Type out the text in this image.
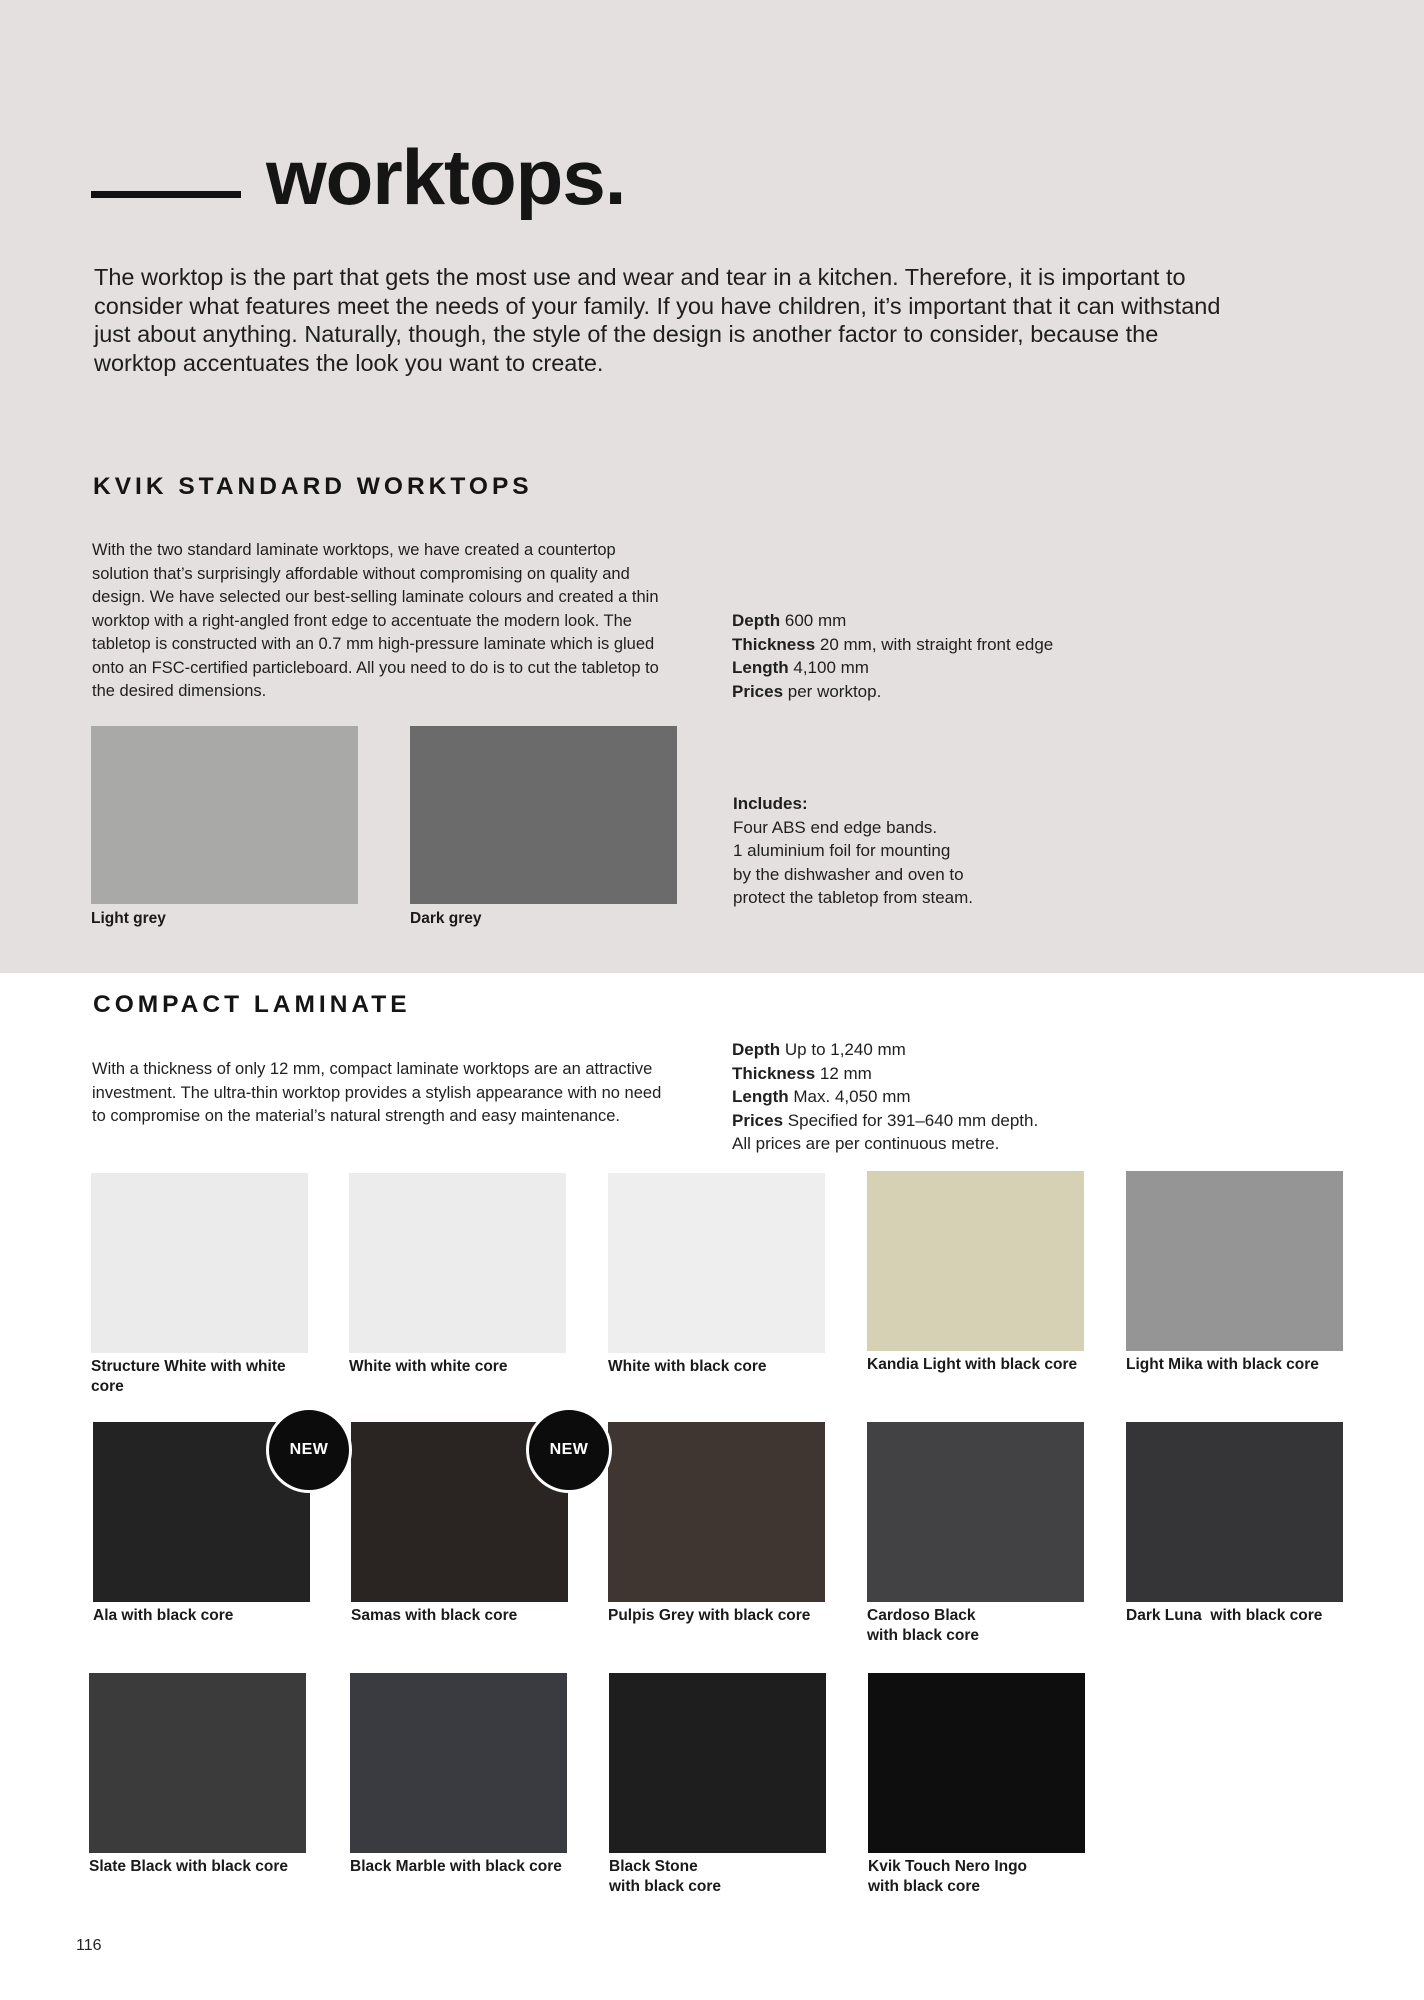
worktops.

The worktop is the part that gets the most use and wear and tear in a kitchen. Therefore, it is important to consider what features meet the needs of your family. If you have children, it’s important that it can withstand just about anything. Naturally, though, the style of the design is another factor to consider, because the worktop accentuates the look you want to create.

KVIK STANDARD WORKTOPS

With the two standard laminate worktops, we have created a countertop solution that’s surprisingly affordable without compromising on quality and design. We have selected our best-selling laminate colours and created a thin worktop with a right-angled front edge to accentuate the modern look. The tabletop is constructed with an 0.7 mm high-pressure laminate which is glued onto an FSC-certified particleboard. All you need to do is to cut the tabletop to the desired dimensions.

Depth 600 mm
Thickness 20 mm, with straight front edge
Length 4,100 mm
Prices per worktop.
Includes:
Four ABS end edge bands.
1 aluminium foil for mounting
by the dishwasher and oven to
protect the tabletop from steam.
Light grey	Dark grey
COMPACT LAMINATE

With a thickness of only 12 mm, compact laminate worktops are an attractive investment. The ultra-thin worktop provides a stylish appearance with no need to compromise on the material’s natural strength and easy maintenance.

Depth Up to 1,240 mm
Thickness 12 mm
Length Max. 4,050 mm
Prices Specified for 391–640 mm depth.
All prices are per continuous metre.
Structure White with white core
White with white core	White with black core	Kandia Light with black core	Light Mika with black core
Ala with black core	Samas with black core	Pulpis Grey with black core	Cardoso Black
with black core
Dark Luna  with black core
NEW	NEW
Slate Black with black core	Black Marble with black core	Black Stone
with black core
Kvik Touch Nero Ingo
with black core
116
